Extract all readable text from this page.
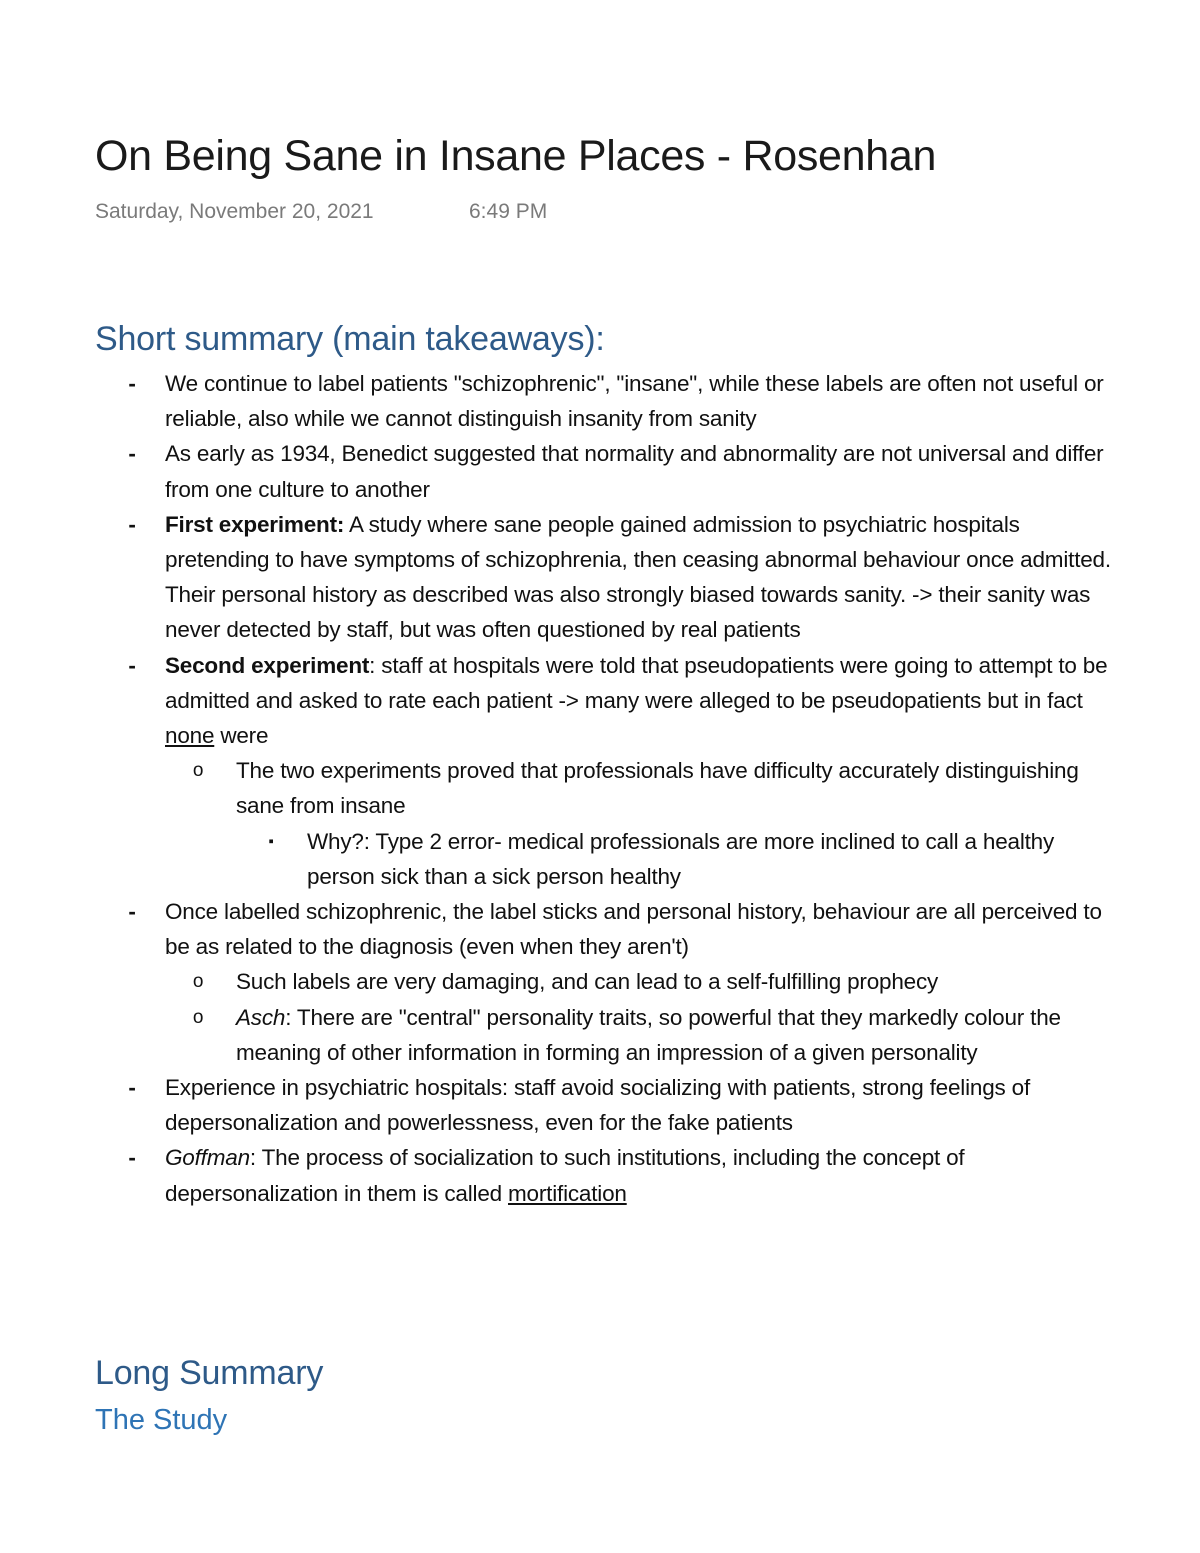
On Being Sane in Insane Places - Rosenhan
Saturday, November 20, 2021	6:49 PM
Short summary (main takeaways):
- We continue to label patients "schizophrenic", "insane", while these labels are often not useful or reliable, also while we cannot distinguish insanity from sanity
- As early as 1934, Benedict suggested that normality and abnormality are not universal and differ from one culture to another
- First experiment: A study where sane people gained admission to psychiatric hospitals pretending to have symptoms of schizophrenia, then ceasing abnormal behaviour once admitted. Their personal history as described was also strongly biased towards sanity. -> their sanity was never detected by staff, but was often questioned by real patients
- Second experiment: staff at hospitals were told that pseudopatients were going to attempt to be admitted and asked to rate each patient -> many were alleged to be pseudopatients but in fact none were
o The two experiments proved that professionals have difficulty accurately distinguishing sane from insane
▪	Why?: Type 2 error- medical professionals are more inclined to call a healthy person sick than a sick person healthy
- Once labelled schizophrenic, the label sticks and personal history, behaviour are all perceived to be as related to the diagnosis (even when they aren't)
o Such labels are very damaging, and can lead to a self-fulfilling prophecy
o Asch: There are "central" personality traits, so powerful that they markedly colour the meaning of other information in forming an impression of a given personality
- Experience in psychiatric hospitals: staff avoid socializing with patients, strong feelings of depersonalization and powerlessness, even for the fake patients
- Goffman: The process of socialization to such institutions, including the concept of depersonalization in them is called mortification
Long Summary
The Study
